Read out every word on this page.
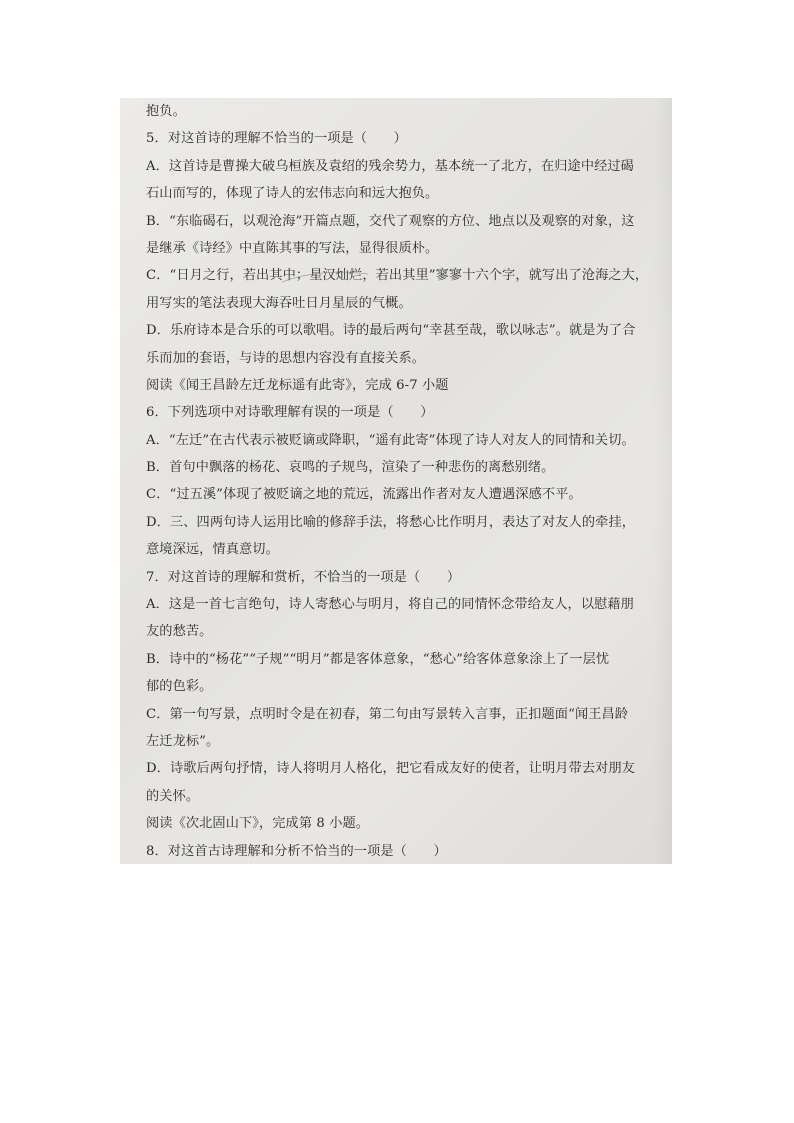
抱负。
5．对这首诗的理解不恰当的一项是（　　）
A．这首诗是曹操大破乌桓族及袁绍的残余势力，基本统一了北方，在归途中经过碣
石山而写的，体现了诗人的宏伟志向和远大抱负。
B．“东临碣石，以观沧海”开篇点题，交代了观察的方位、地点以及观察的对象，这
是继承《诗经》中直陈其事的写法，显得很质朴。
C．“日月之行，若出其中；星汉灿烂，若出其里”寥寥十六个字，就写出了沧海之大，
用写实的笔法表现大海吞吐日月星辰的气概。
D．乐府诗本是合乐的可以歌唱。诗的最后两句“幸甚至哉，歌以咏志”。就是为了合
乐而加的套语，与诗的思想内容没有直接关系。
阅读《闻王昌龄左迁龙标遥有此寄》，完成 6-7 小题
6．下列选项中对诗歌理解有误的一项是（　　）
A．“左迁”在古代表示被贬谪或降职，“遥有此寄”体现了诗人对友人的同情和关切。
B．首句中飘落的杨花、哀鸣的子规鸟，渲染了一种悲伤的离愁别绪。
C．“过五溪”体现了被贬谪之地的荒远，流露出作者对友人遭遇深感不平。
D．三、四两句诗人运用比喻的修辞手法，将愁心比作明月，表达了对友人的牵挂，
意境深远，情真意切。
7．对这首诗的理解和赏析，不恰当的一项是（　　）
A．这是一首七言绝句，诗人寄愁心与明月，将自己的同情怀念带给友人，以慰藉朋
友的愁苦。
B．诗中的“杨花”“子规”“明月”都是客体意象，“愁心”给客体意象涂上了一层忧
郁的色彩。
C．第一句写景，点明时令是在初春，第二句由写景转入言事，正扣题面“闻王昌龄
左迁龙标”。
D．诗歌后两句抒情，诗人将明月人格化，把它看成友好的使者，让明月带去对朋友
的关怀。
阅读《次北固山下》，完成第 8 小题。
8．对这首古诗理解和分析不恰当的一项是（　　）
